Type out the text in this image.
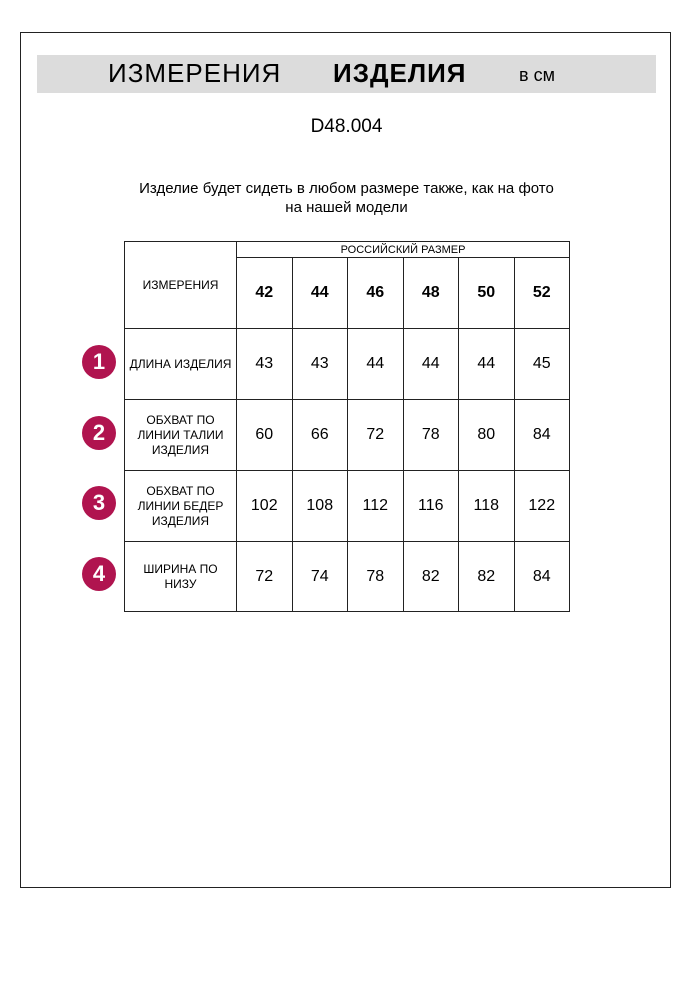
ИЗМЕРЕНИЯ ИЗДЕЛИЯ	в см
D48.004
Изделие будет сидеть в любом размере также, как на фото
на нашей модели
ИЗМЕРЕНИЯ	РОССИЙСКИЙ РАЗМЕР					
	42	44	46	48	50	52

ДЛИНА ИЗДЕЛИЯ	43	43	44	44	44	45

ОБХВАТ ПО
ЛИНИИ ТАЛИИ
ИЗДЕЛИЯ	60	66	72	78	80	84

ОБХВАТ ПО
ЛИНИИ БЕДЕР
ИЗДЕЛИЯ	102	108	112	116	118	122

ШИРИНА ПО
НИЗУ	72	74	78	82	82	84
1
2
3
4
